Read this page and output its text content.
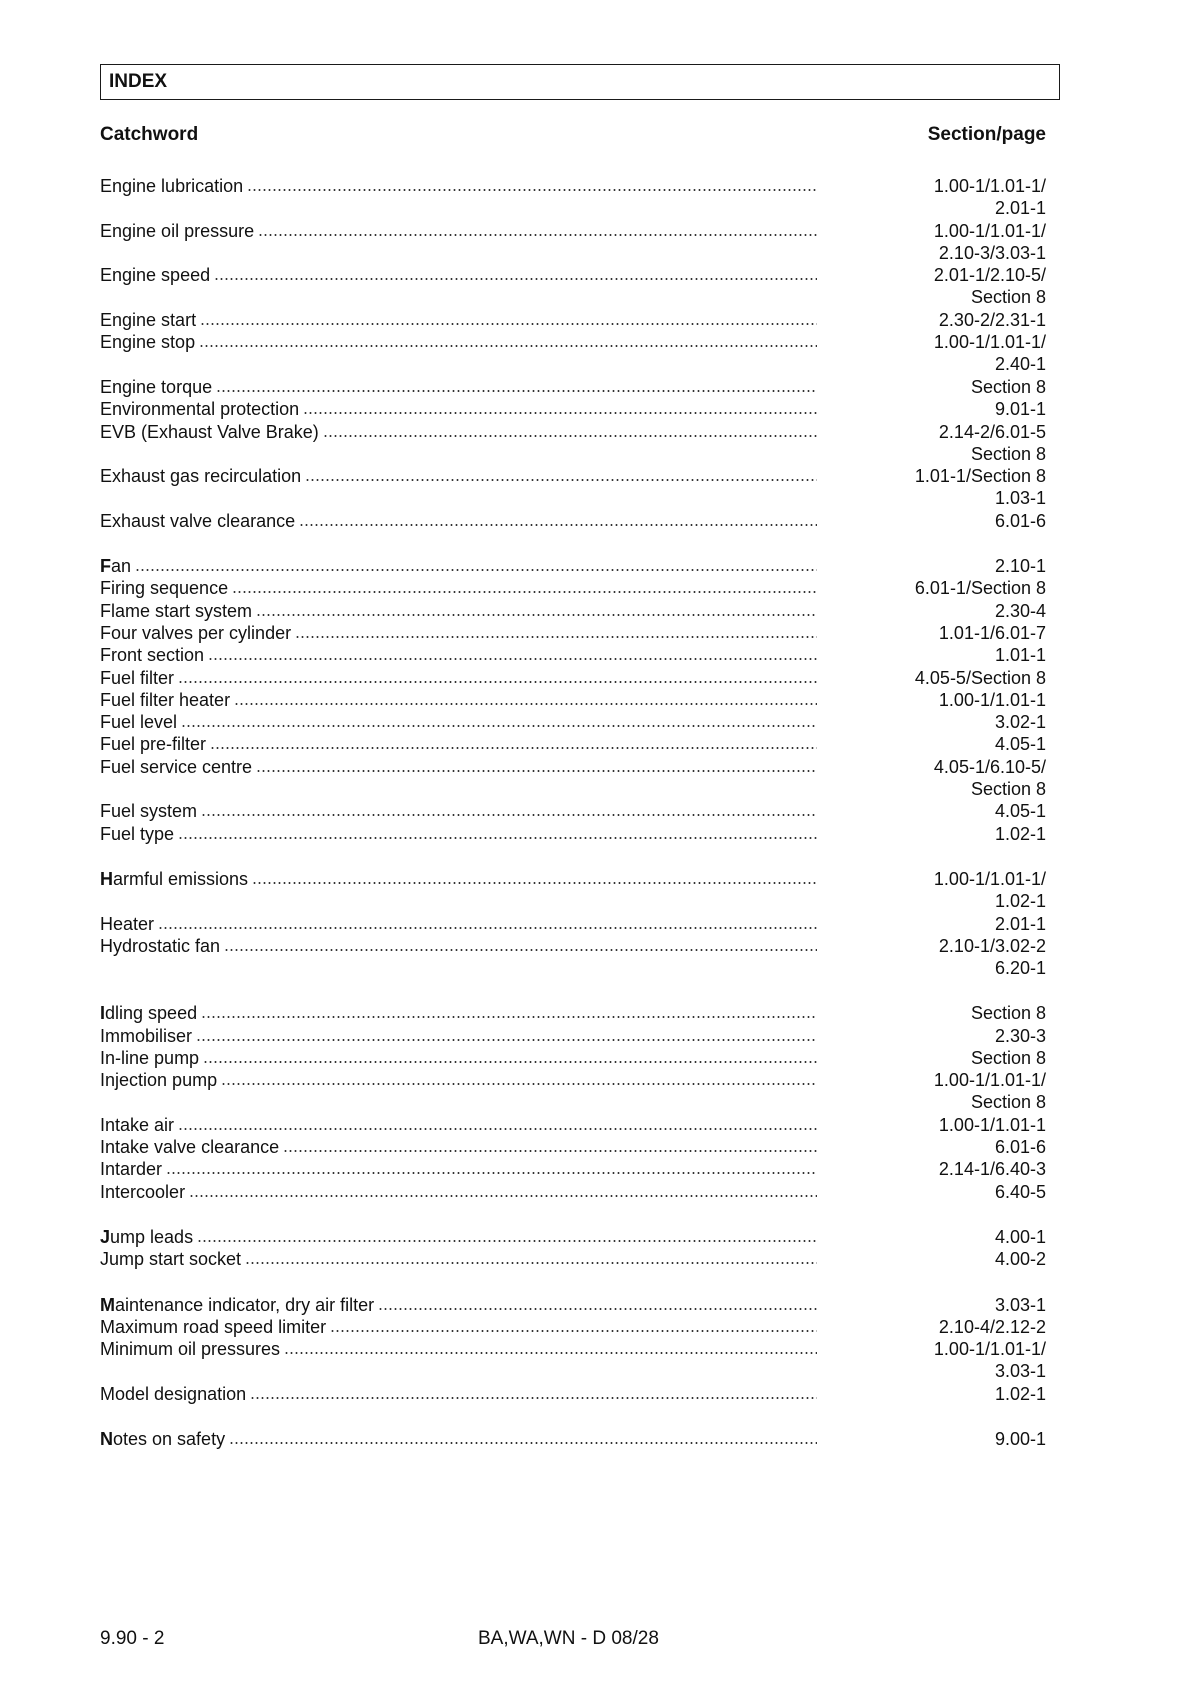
INDEX
Catchword	Section/page
Engine lubrication	1.00-1/1.01-1/
2.01-1
Engine oil pressure	1.00-1/1.01-1/
2.10-3/3.03-1
Engine speed	2.01-1/2.10-5/
Section 8
Engine start	2.30-2/2.31-1
Engine stop	1.00-1/1.01-1/
2.40-1
Engine torque	Section 8
Environmental protection	9.01-1
EVB (Exhaust Valve Brake)	2.14-2/6.01-5
Section 8
Exhaust gas recirculation	1.01-1/Section 8
1.03-1
Exhaust valve clearance	6.01-6
Fan	2.10-1
Firing sequence	6.01-1/Section 8
Flame start system	2.30-4
Four valves per cylinder	1.01-1/6.01-7
Front section	1.01-1
Fuel filter	4.05-5/Section 8
Fuel filter heater	1.00-1/1.01-1
Fuel level	3.02-1
Fuel pre-filter	4.05-1
Fuel service centre	4.05-1/6.10-5/
Section 8
Fuel system	4.05-1
Fuel type	1.02-1
Harmful emissions	1.00-1/1.01-1/
1.02-1
Heater	2.01-1
Hydrostatic fan	2.10-1/3.02-2
6.20-1
Idling speed	Section 8
Immobiliser	2.30-3
In-line pump	Section 8
Injection pump	1.00-1/1.01-1/
Section 8
Intake air	1.00-1/1.01-1
Intake valve clearance	6.01-6
Intarder	2.14-1/6.40-3
Intercooler	6.40-5
Jump leads	4.00-1
Jump start socket	4.00-2
Maintenance indicator, dry air filter	3.03-1
Maximum road speed limiter	2.10-4/2.12-2
Minimum oil pressures	1.00-1/1.01-1/
3.03-1
Model designation	1.02-1
Notes on safety	9.00-1
9.90 - 2	BA,WA,WN - D 08/28
